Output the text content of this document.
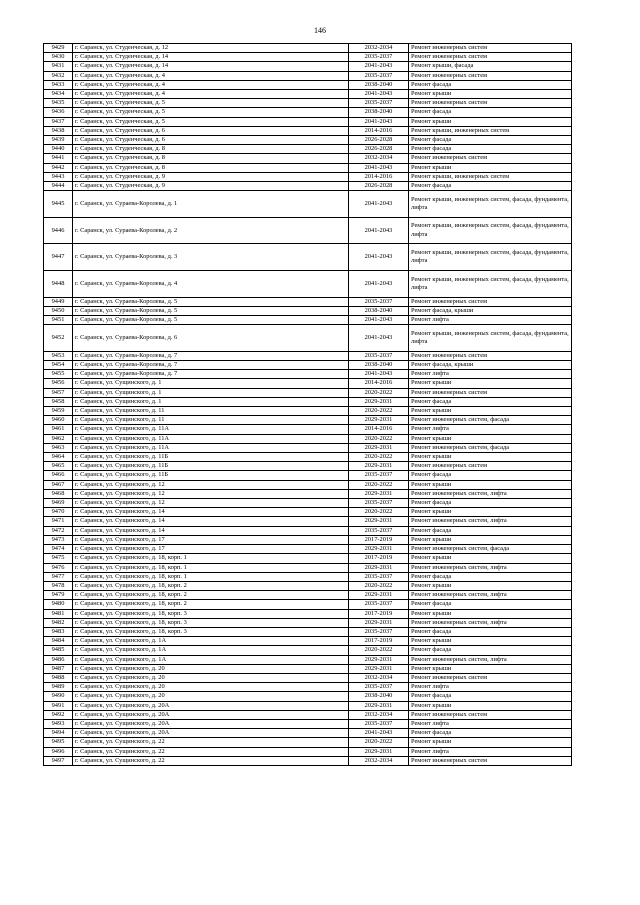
146
9429	г. Саранск, ул. Студенческая, д. 12	2032-2034	Ремонт инженерных систем
9430	г. Саранск, ул. Студенческая, д. 14	2035-2037	Ремонт инженерных систем
9431	г. Саранск, ул. Студенческая, д. 14	2041-2043	Ремонт крыши, фасада
9432	г. Саранск, ул. Студенческая, д. 4	2035-2037	Ремонт инженерных систем
9433	г. Саранск, ул. Студенческая, д. 4	2038-2040	Ремонт фасада
9434	г. Саранск, ул. Студенческая, д. 4	2041-2043	Ремонт крыши
9435	г. Саранск, ул. Студенческая, д. 5	2035-2037	Ремонт инженерных систем
9436	г. Саранск, ул. Студенческая, д. 5	2038-2040	Ремонт фасада
9437	г. Саранск, ул. Студенческая, д. 5	2041-2043	Ремонт крыши
9438	г. Саранск, ул. Студенческая, д. 6	2014-2016	Ремонт крыши, инженерных систем
9439	г. Саранск, ул. Студенческая, д. 6	2026-2028	Ремонт фасада
9440	г. Саранск, ул. Студенческая, д. 8	2026-2028	Ремонт фасада
9441	г. Саранск, ул. Студенческая, д. 8	2032-2034	Ремонт инженерных систем
9442	г. Саранск, ул. Студенческая, д. 8	2041-2043	Ремонт крыши
9443	г. Саранск, ул. Студенческая, д. 9	2014-2016	Ремонт крыши, инженерных систем
9444	г. Саранск, ул. Студенческая, д. 9	2026-2028	Ремонт фасада
9445	г. Саранск, ул. Сураева-Королева, д. 1	2041-2043	Ремонт крыши, инженерных систем, фасада, фундамента, лифта
9446	г. Саранск, ул. Сураева-Королева, д. 2	2041-2043	Ремонт крыши, инженерных систем, фасада, фундамента, лифта
9447	г. Саранск, ул. Сураева-Королева, д. 3	2041-2043	Ремонт крыши, инженерных систем, фасада, фундамента, лифта
9448	г. Саранск, ул. Сураева-Королева, д. 4	2041-2043	Ремонт крыши, инженерных систем, фасада, фундамента, лифта
9449	г. Саранск, ул. Сураева-Королева, д. 5	2035-2037	Ремонт инженерных систем
9450	г. Саранск, ул. Сураева-Королева, д. 5	2038-2040	Ремонт фасада, крыши
9451	г. Саранск, ул. Сураева-Королева, д. 5	2041-2043	Ремонт лифта
9452	г. Саранск, ул. Сураева-Королева, д. 6	2041-2043	Ремонт крыши, инженерных систем, фасада, фундамента, лифта
9453	г. Саранск, ул. Сураева-Королева, д. 7	2035-2037	Ремонт инженерных систем
9454	г. Саранск, ул. Сураева-Королева, д. 7	2038-2040	Ремонт фасада, крыши
9455	г. Саранск, ул. Сураева-Королева, д. 7	2041-2043	Ремонт лифта
9456	г. Саранск, ул. Сущинского, д. 1	2014-2016	Ремонт крыши
9457	г. Саранск, ул. Сущинского, д. 1	2020-2022	Ремонт инженерных систем
9458	г. Саранск, ул. Сущинского, д. 1	2029-2031	Ремонт фасада
9459	г. Саранск, ул. Сущинского, д. 11	2020-2022	Ремонт крыши
9460	г. Саранск, ул. Сущинского, д. 11	2029-2031	Ремонт инженерных систем, фасада
9461	г. Саранск, ул. Сущинского, д. 11А	2014-2016	Ремонт лифта
9462	г. Саранск, ул. Сущинского, д. 11А	2020-2022	Ремонт крыши
9463	г. Саранск, ул. Сущинского, д. 11А	2029-2031	Ремонт инженерных систем, фасада
9464	г. Саранск, ул. Сущинского, д. 11Б	2020-2022	Ремонт крыши
9465	г. Саранск, ул. Сущинского, д. 11Б	2029-2031	Ремонт инженерных систем
9466	г. Саранск, ул. Сущинского, д. 11Б	2035-2037	Ремонт фасада
9467	г. Саранск, ул. Сущинского, д. 12	2020-2022	Ремонт крыши
9468	г. Саранск, ул. Сущинского, д. 12	2029-2031	Ремонт инженерных систем, лифта
9469	г. Саранск, ул. Сущинского, д. 12	2035-2037	Ремонт фасада
9470	г. Саранск, ул. Сущинского, д. 14	2020-2022	Ремонт крыши
9471	г. Саранск, ул. Сущинского, д. 14	2029-2031	Ремонт инженерных систем, лифта
9472	г. Саранск, ул. Сущинского, д. 14	2035-2037	Ремонт фасада
9473	г. Саранск, ул. Сущинского, д. 17	2017-2019	Ремонт крыши
9474	г. Саранск, ул. Сущинского, д. 17	2029-2031	Ремонт инженерных систем, фасада
9475	г. Саранск, ул. Сущинского, д. 18, корп. 1	2017-2019	Ремонт крыши
9476	г. Саранск, ул. Сущинского, д. 18, корп. 1	2029-2031	Ремонт инженерных систем, лифта
9477	г. Саранск, ул. Сущинского, д. 18, корп. 1	2035-2037	Ремонт фасада
9478	г. Саранск, ул. Сущинского, д. 18, корп. 2	2020-2022	Ремонт крыши
9479	г. Саранск, ул. Сущинского, д. 18, корп. 2	2029-2031	Ремонт инженерных систем, лифта
9480	г. Саранск, ул. Сущинского, д. 18, корп. 2	2035-2037	Ремонт фасада
9481	г. Саранск, ул. Сущинского, д. 18, корп. 3	2017-2019	Ремонт крыши
9482	г. Саранск, ул. Сущинского, д. 18, корп. 3	2029-2031	Ремонт инженерных систем, лифта
9483	г. Саранск, ул. Сущинского, д. 18, корп. 3	2035-2037	Ремонт фасада
9484	г. Саранск, ул. Сущинского, д. 1А	2017-2019	Ремонт крыши
9485	г. Саранск, ул. Сущинского, д. 1А	2020-2022	Ремонт фасада
9486	г. Саранск, ул. Сущинского, д. 1А	2029-2031	Ремонт инженерных систем, лифта
9487	г. Саранск, ул. Сущинского, д. 20	2029-2031	Ремонт крыши
9488	г. Саранск, ул. Сущинского, д. 20	2032-2034	Ремонт инженерных систем
9489	г. Саранск, ул. Сущинского, д. 20	2035-2037	Ремонт лифта
9490	г. Саранск, ул. Сущинского, д. 20	2038-2040	Ремонт фасада
9491	г. Саранск, ул. Сущинского, д. 20А	2029-2031	Ремонт крыши
9492	г. Саранск, ул. Сущинского, д. 20А	2032-2034	Ремонт инженерных систем
9493	г. Саранск, ул. Сущинского, д. 20А	2035-2037	Ремонт лифта
9494	г. Саранск, ул. Сущинского, д. 20А	2041-2043	Ремонт фасада
9495	г. Саранск, ул. Сущинского, д. 22	2020-2022	Ремонт крыши
9496	г. Саранск, ул. Сущинского, д. 22	2029-2031	Ремонт лифта
9497	г. Саранск, ул. Сущинского, д. 22	2032-2034	Ремонт инженерных систем
